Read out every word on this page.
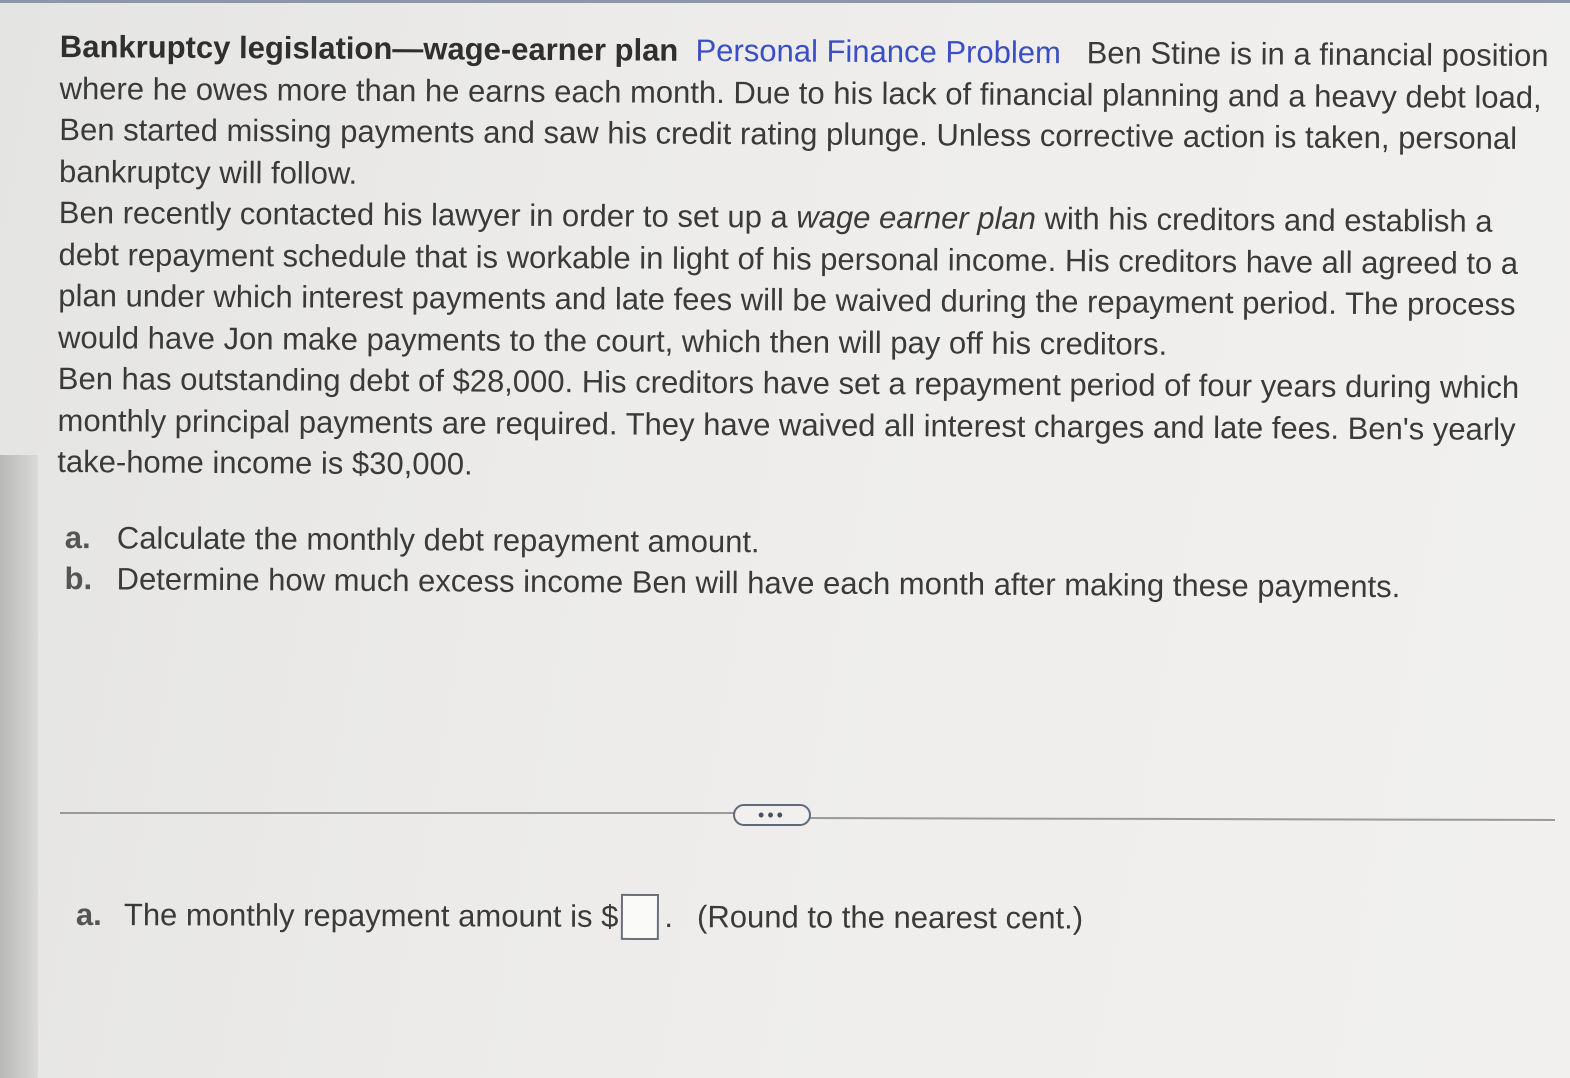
Bankruptcy legislation—wage-earner plan Personal Finance Problem Ben Stine is in a financial position where he owes more than he earns each month. Due to his lack of financial planning and a heavy debt load, Ben started missing payments and saw his credit rating plunge. Unless corrective action is taken, personal bankruptcy will follow.

Ben recently contacted his lawyer in order to set up a wage earner plan with his creditors and establish a debt repayment schedule that is workable in light of his personal income. His creditors have all agreed to a plan under which interest payments and late fees will be waived during the repayment period. The process would have Jon make payments to the court, which then will pay off his creditors.

Ben has outstanding debt of $28,000. His creditors have set a repayment period of four years during which monthly principal payments are required. They have waived all interest charges and late fees. Ben's yearly take-home income is $30,000.

a. Calculate the monthly debt repayment amount.
b. Determine how much excess income Ben will have each month after making these payments.

•••
a. The monthly repayment amount is $ . (Round to the nearest cent.)
